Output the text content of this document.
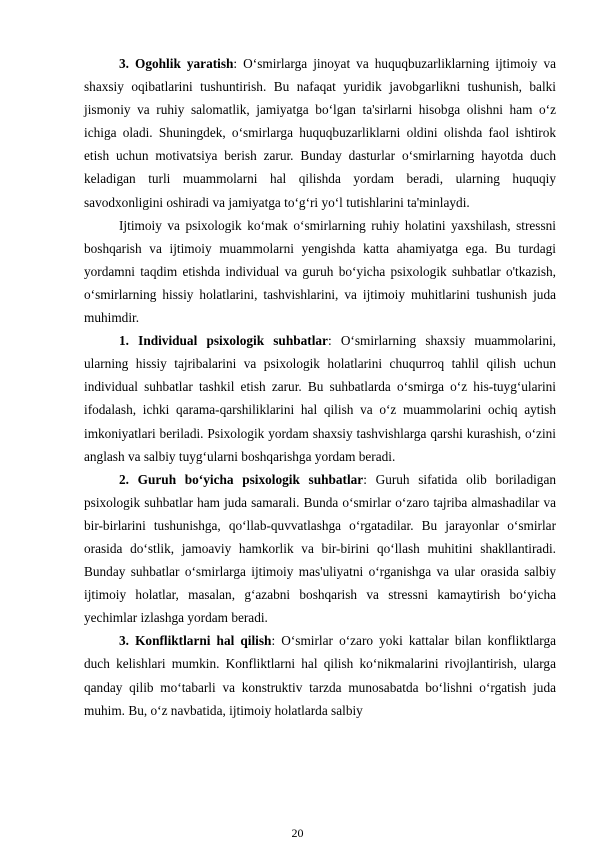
3. Ogohlik yaratish: O‘smirlarga jinoyat va huquqbuzarliklarning ijtimoiy va shaxsiy oqibatlarini tushuntirish. Bu nafaqat yuridik javobgarlikni tushunish, balki jismoniy va ruhiy salomatlik, jamiyatga bo‘lgan ta'sirlarni hisobga olishni ham o‘z ichiga oladi. Shuningdek, o‘smirlarga huquqbuzarliklarni oldini olishda faol ishtirok etish uchun motivatsiya berish zarur. Bunday dasturlar o‘smirlarning hayotda duch keladigan turli muammolarni hal qilishda yordam beradi, ularning huquqiy savodxonligini oshiradi va jamiyatga to‘g‘ri yo‘l tutishlarini ta'minlaydi.

Ijtimoiy va psixologik ko‘mak o‘smirlarning ruhiy holatini yaxshilash, stressni boshqarish va ijtimoiy muammolarni yengishda katta ahamiyatga ega. Bu turdagi yordamni taqdim etishda individual va guruh bo‘yicha psixologik suhbatlar o'tkazish, o‘smirlarning hissiy holatlarini, tashvishlarini, va ijtimoiy muhitlarini tushunish juda muhimdir.

1. Individual psixologik suhbatlar: O‘smirlarning shaxsiy muammolarini, ularning hissiy tajribalarini va psixologik holatlarini chuqurroq tahlil qilish uchun individual suhbatlar tashkil etish zarur. Bu suhbatlarda o‘smirga o‘z his-tuyg‘ularini ifodalash, ichki qarama-qarshiliklarini hal qilish va o‘z muammolarini ochiq aytish imkoniyatlari beriladi. Psixologik yordam shaxsiy tashvishlarga qarshi kurashish, o‘zini anglash va salbiy tuyg‘ularni boshqarishga yordam beradi.

2. Guruh bo‘yicha psixologik suhbatlar: Guruh sifatida olib boriladigan psixologik suhbatlar ham juda samarali. Bunda o‘smirlar o‘zaro tajriba almashadilar va bir-birlarini tushunishga, qo‘llab-quvvatlashga o‘rgatadilar. Bu jarayonlar o‘smirlar orasida do‘stlik, jamoaviy hamkorlik va bir-birini qo‘llash muhitini shakllantiradi. Bunday suhbatlar o‘smirlarga ijtimoiy mas'uliyatni o‘rganishga va ular orasida salbiy ijtimoiy holatlar, masalan, g‘azabni boshqarish va stressni kamaytirish bo‘yicha yechimlar izlashga yordam beradi.

3. Konfliktlarni hal qilish: O‘smirlar o‘zaro yoki kattalar bilan konfliktlarga duch kelishlari mumkin. Konfliktlarni hal qilish ko‘nikmalarini rivojlantirish, ularga qanday qilib mo‘tabarli va konstruktiv tarzda munosabatda bo‘lishni o‘rgatish juda muhim. Bu, o‘z navbatida, ijtimoiy holatlarda salbiy

20
